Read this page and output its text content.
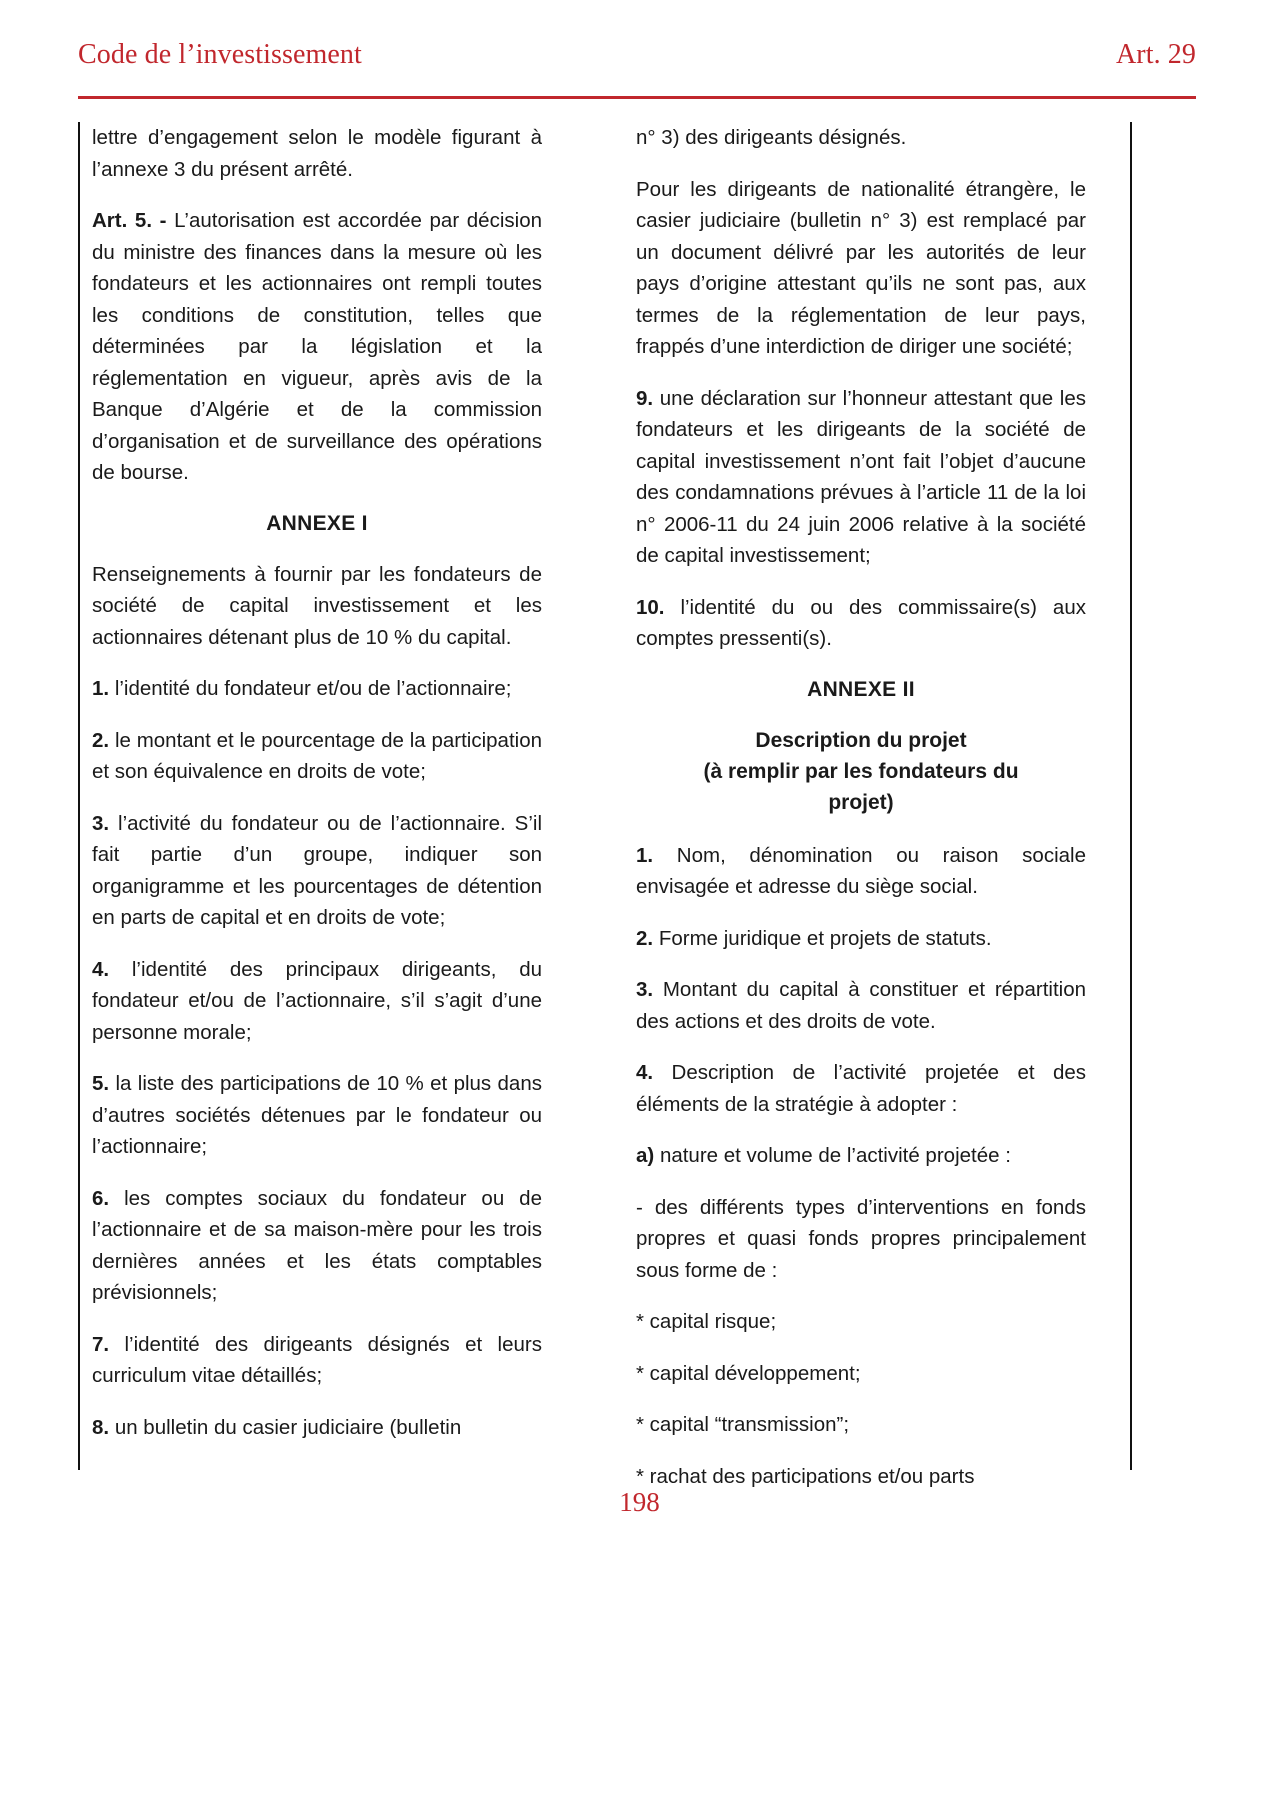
Code de l’investissement	Art. 29

lettre d’engagement selon le modèle figurant à l’annexe 3 du présent arrêté.

Art. 5. - L’autorisation est accordée par décision du ministre des finances dans la mesure où les fondateurs et les actionnaires ont rempli toutes les conditions de constitution, telles que déterminées par la législation et la réglementation en vigueur, après avis de la Banque d’Algérie et de la commission d’organisation et de surveillance des opérations de bourse.

ANNEXE I

Renseignements à fournir par les fondateurs de société de capital investissement et les actionnaires détenant plus de 10 % du capital.

1. l’identité du fondateur et/ou de l’actionnaire;

2. le montant et le pourcentage de la participation et son équivalence en droits de vote;

3. l’activité du fondateur ou de l’actionnaire. S’il fait partie d’un groupe, indiquer son organigramme et les pourcentages de détention en parts de capital et en droits de vote;

4. l’identité des principaux dirigeants, du fondateur et/ou de l’actionnaire, s’il s’agit d’une personne morale;

5. la liste des participations de 10 % et plus dans d’autres sociétés détenues par le fondateur ou l’actionnaire;

6. les comptes sociaux du fondateur ou de l’actionnaire et de sa maison-mère pour les trois dernières années et les états comptables prévisionnels;

7. l’identité des dirigeants désignés et leurs curriculum vitae détaillés;

8. un bulletin du casier judiciaire (bulletin

n° 3) des dirigeants désignés.

Pour les dirigeants de nationalité étrangère, le casier judiciaire (bulletin n° 3) est remplacé par un document délivré par les autorités de leur pays d’origine attestant qu’ils ne sont pas, aux termes de la réglementation de leur pays, frappés d’une interdiction de diriger une société;

9. une déclaration sur l’honneur attestant que les fondateurs et les dirigeants de la société de capital investissement n’ont fait l’objet d’aucune des condamnations prévues à l’article 11 de la loi n° 2006-11 du 24 juin 2006 relative à la société de capital investissement;

10. l’identité du ou des commissaire(s) aux comptes pressenti(s).

ANNEXE II
Description du projet
(à remplir par les fondateurs du
projet)

1. Nom, dénomination ou raison sociale envisagée et adresse du siège social.

2. Forme juridique et projets de statuts.

3. Montant du capital à constituer et répartition des actions et des droits de vote.

4. Description de l’activité projetée et des éléments de la stratégie à adopter :

a) nature et volume de l’activité projetée :

- des différents types d’interventions en fonds propres et quasi fonds propres principalement sous forme de :

* capital risque;

* capital développement;

* capital “transmission”;

* rachat des participations et/ou parts

198
